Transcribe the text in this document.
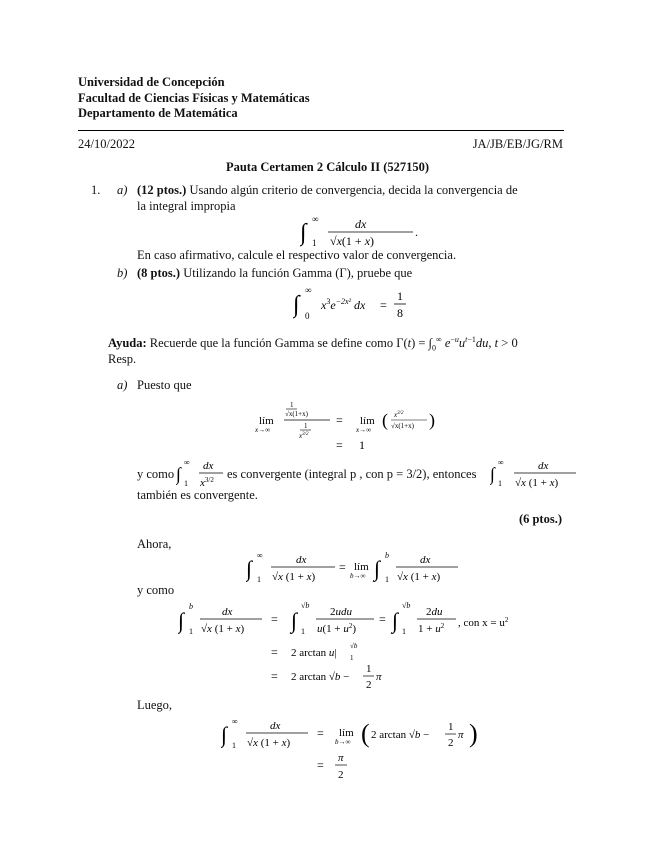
Universidad de Concepción
Facultad de Ciencias Físicas y Matemáticas
Departamento de Matemática
24/10/2022	JA/JB/EB/JG/RM
Pauta Certamen 2 Cálculo II (527150)
1. a) (12 ptos.) Usando algún criterio de convergencia, decida la convergencia de
la integral impropia
∫
∞
1
dx
√x(1 + x)
.
En caso afirmativo, calcule el respectivo valor de convergencia.
b) (8 ptos.) Utilizando la función Gamma (Γ), pruebe que
∫
∞
0
$x^3e^{-2x^2}$ dx =
1
8
Ayuda: Recuerde que la función Gamma se define como $\Gamma(t) = \int_0^\infty$ $e^{-u}u^{t-1}du$, t > 0
Resp.
a) Puesto que
lím
x→∞
1
√x(1+x)
1
$x^{3/2}$
= lím
x→∞ ( $x^{3/2}$
√x(1+x) )
= 1
y como ∫
∞
1
dx
$x^{3/2}$ es convergente (integral p , con p = 3/2), entonces ∫
∞
1
dx
√x (1 + x)
también es convergente.
(6 ptos.)
Ahora,
∫
∞
1
dx
√x (1 + x)
= lím
b→∞ ∫
b
1
dx
√x (1 + x)
y como
∫
b
1
dx
√x (1 + x)
= ∫
√b
1
2udu
$u(1 + u^2)$
= ∫
√b
1
2du
$1 + u^2$ , con $x = u^2$
= 2 arctan u| 1
√b
= 2 arctan √b −
1
2
π
Luego,
∫
∞
1
dx
√x (1 + x)
= lím
b→∞ ( 2 arctan √b −
1
2
π )
= π
2
